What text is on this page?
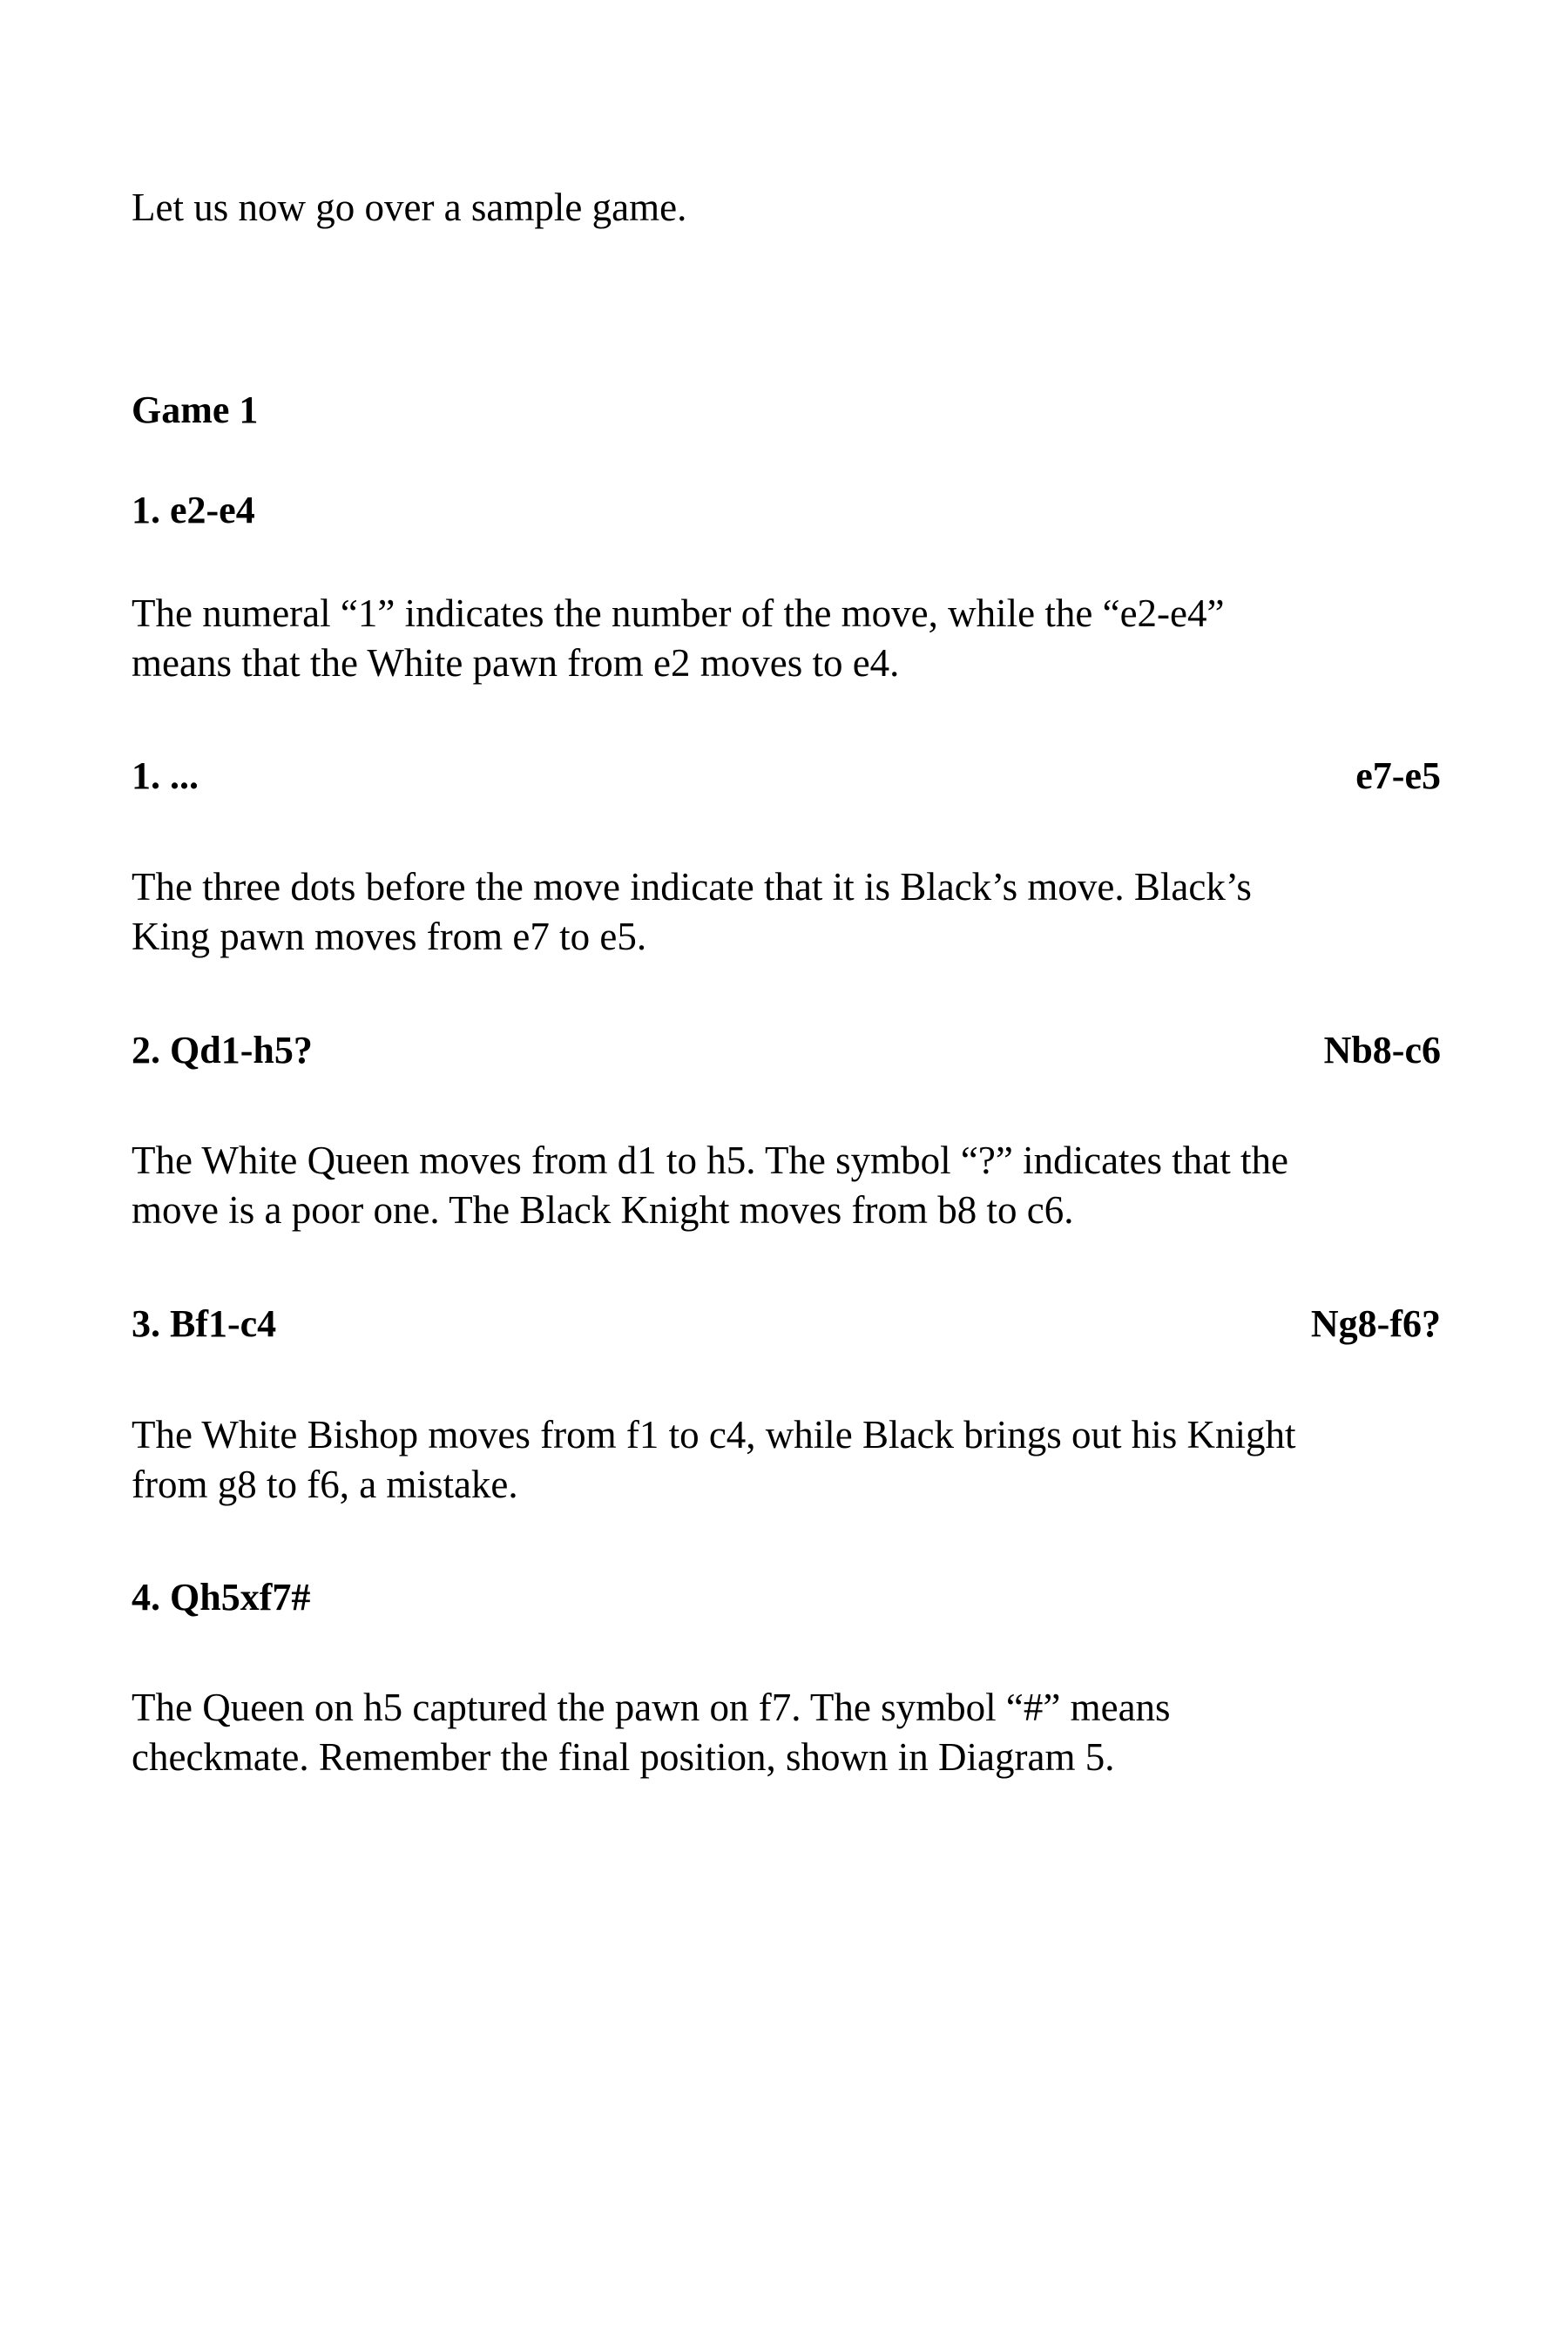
Let us now go over a sample game.

Game 1

1. e2-e4

The numeral “1” indicates the number of the move, while the “e2-e4”
means that the White pawn from e2 moves to e4.

1. ...	e7-e5

The three dots before the move indicate that it is Black’s move. Black’s
King pawn moves from e7 to e5.

2. Qd1-h5?	Nb8-c6

The White Queen moves from d1 to h5. The symbol “?” indicates that the
move is a poor one. The Black Knight moves from b8 to c6.

3. Bf1-c4	Ng8-f6?

The White Bishop moves from f1 to c4, while Black brings out his Knight
from g8 to f6, a mistake.

4. Qh5xf7#

The Queen on h5 captured the pawn on f7. The symbol “#” means
checkmate. Remember the final position, shown in Diagram 5.
